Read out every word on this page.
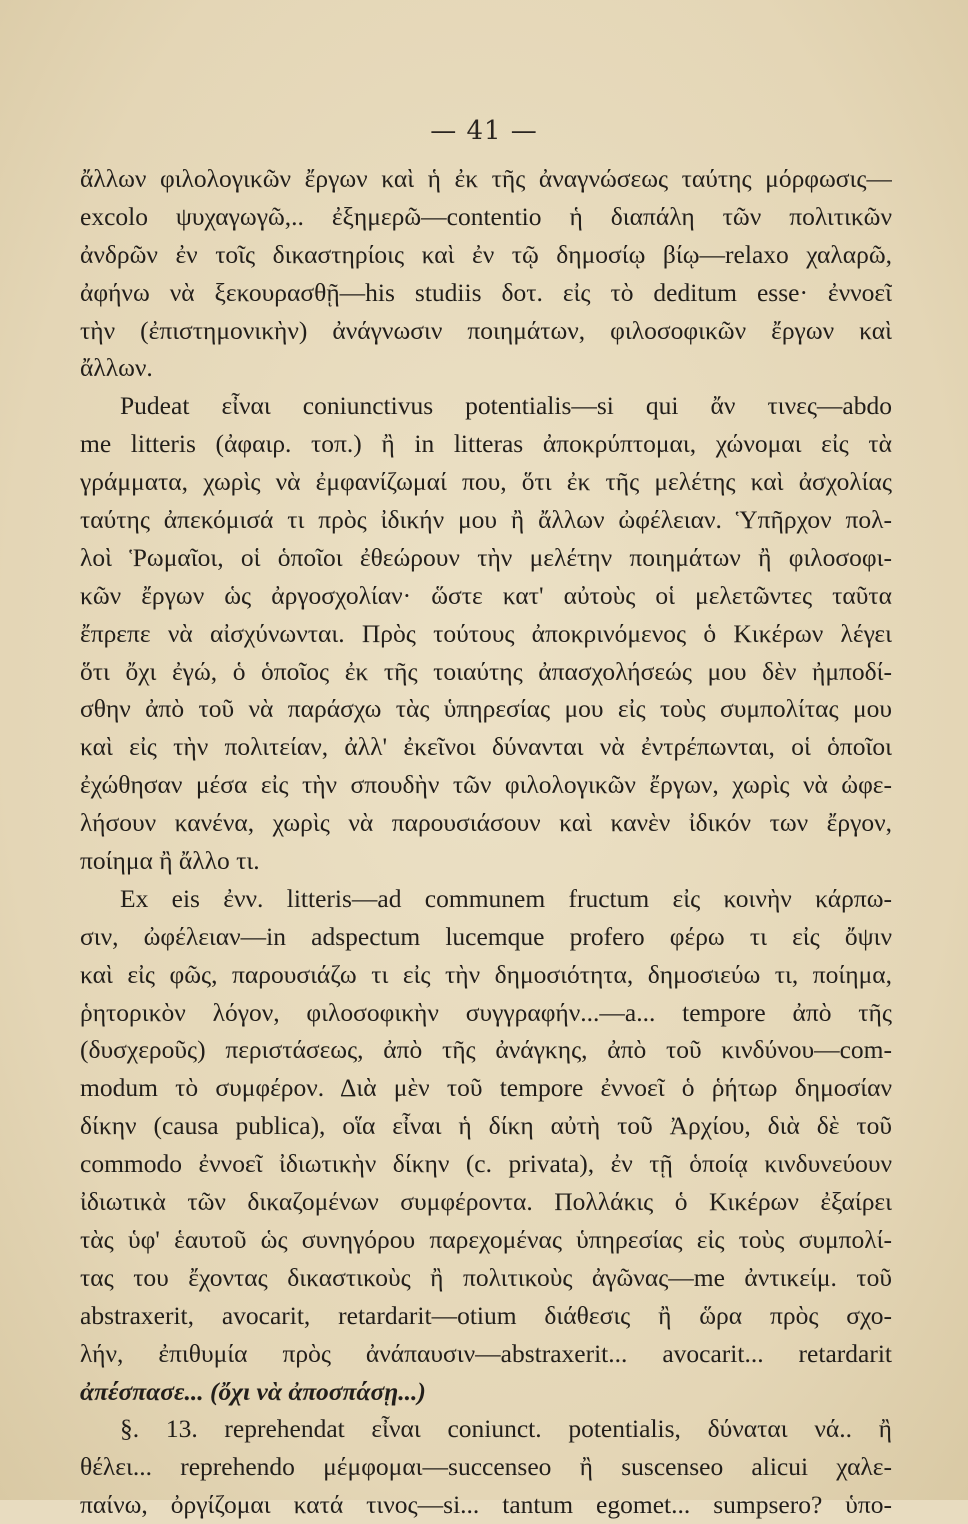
— 41 —
ἄλλων φιλολογικῶν ἔργων καὶ ἡ ἐκ τῆς ἀναγνώσεως ταύτης μόρφωσις—
excolo ψυχαγωγῶ,.. ἐξημερῶ—contentio ἡ διαπάλη τῶν πολιτικῶν
ἀνδρῶν ἐν τοῖς δικαστηρίοις καὶ ἐν τῷ δημοσίῳ βίῳ—relaxo χαλαρῶ,
ἀφήνω νὰ ξεκουρασθῇ—his studiis δοτ. εἰς τὸ deditum esse· ἐννοεῖ
τὴν (ἐπιστημονικὴν) ἀνάγνωσιν ποιημάτων, φιλοσοφικῶν ἔργων καὶ
ἄλλων.
Pudeat εἶναι coniunctivus potentialis—si qui ἄν τινες—abdo
me litteris (ἀφαιρ. τοπ.) ἢ in litteras ἀποκρύπτομαι, χώνομαι εἰς τὰ
γράμματα, χωρὶς νὰ ἐμφανίζωμαί που, ὅτι ἐκ τῆς μελέτης καὶ ἀσχολίας
ταύτης ἀπεκόμισά τι πρὸς ἰδικήν μου ἢ ἄλλων ὠφέλειαν. Ὑπῆρχον πολ-
λοὶ Ῥωμαῖοι, οἱ ὁποῖοι ἐθεώρουν τὴν μελέτην ποιημάτων ἢ φιλοσοφι-
κῶν ἔργων ὡς ἀργοσχολίαν· ὥστε κατ' αὐτοὺς οἱ μελετῶντες ταῦτα
ἔπρεπε νὰ αἰσχύνωνται. Πρὸς τούτους ἀποκρινόμενος ὁ Κικέρων λέγει
ὅτι ὄχι ἐγώ, ὁ ὁποῖος ἐκ τῆς τοιαύτης ἀπασχολήσεώς μου δὲν ἠμποδί-
σθην ἀπὸ τοῦ νὰ παράσχω τὰς ὑπηρεσίας μου εἰς τοὺς συμπολίτας μου
καὶ εἰς τὴν πολιτείαν, ἀλλ' ἐκεῖνοι δύνανται νὰ ἐντρέπωνται, οἱ ὁποῖοι
ἐχώθησαν μέσα εἰς τὴν σπουδὴν τῶν φιλολογικῶν ἔργων, χωρὶς νὰ ὠφε-
λήσουν κανένα, χωρὶς νὰ παρουσιάσουν καὶ κανὲν ἰδικόν των ἔργον,
ποίημα ἢ ἄλλο τι.
Ex eis ἐνν. litteris—ad communem fructum εἰς κοινὴν κάρπω-
σιν, ὠφέλειαν—in adspectum lucemque profero φέρω τι εἰς ὄψιν
καὶ εἰς φῶς, παρουσιάζω τι εἰς τὴν δημοσιότητα, δημοσιεύω τι, ποίημα,
ῥητορικὸν λόγον, φιλοσοφικὴν συγγραφήν...—a... tempore ἀπὸ τῆς
(δυσχεροῦς) περιστάσεως, ἀπὸ τῆς ἀνάγκης, ἀπὸ τοῦ κινδύνου—com-
modum τὸ συμφέρον. Διὰ μὲν τοῦ tempore ἐννοεῖ ὁ ῥήτωρ δημοσίαν
δίκην (causa publica), οἵα εἶναι ἡ δίκη αὐτὴ τοῦ Ἀρχίου, διὰ δὲ τοῦ
commodo ἐννοεῖ ἰδιωτικὴν δίκην (c. privata), ἐν τῇ ὁποίᾳ κινδυνεύουν
ἰδιωτικὰ τῶν δικαζομένων συμφέροντα. Πολλάκις ὁ Κικέρων ἐξαίρει
τὰς ὑφ' ἑαυτοῦ ὡς συνηγόρου παρεχομένας ὑπηρεσίας εἰς τοὺς συμπολί-
τας του ἔχοντας δικαστικοὺς ἢ πολιτικοὺς ἀγῶνας—me ἀντικείμ. τοῦ
abstraxerit, avocarit, retardarit—otium διάθεσις ἢ ὥρα πρὸς σχο-
λήν, ἐπιθυμία πρὸς ἀνάπαυσιν—abstraxerit... avocarit... retardarit
ἀπέσπασε... (ὄχι νὰ ἀποσπάσῃ...)
§. 13. reprehendat εἶναι coniunct. potentialis, δύναται νά.. ἢ
θέλει... reprehendo μέμφομαι—succenseo ἢ suscenseo alicui χαλε-
παίνω, ὀργίζομαι κατά τινος—si... tantum egomet... sumpsero? ὑπο-
